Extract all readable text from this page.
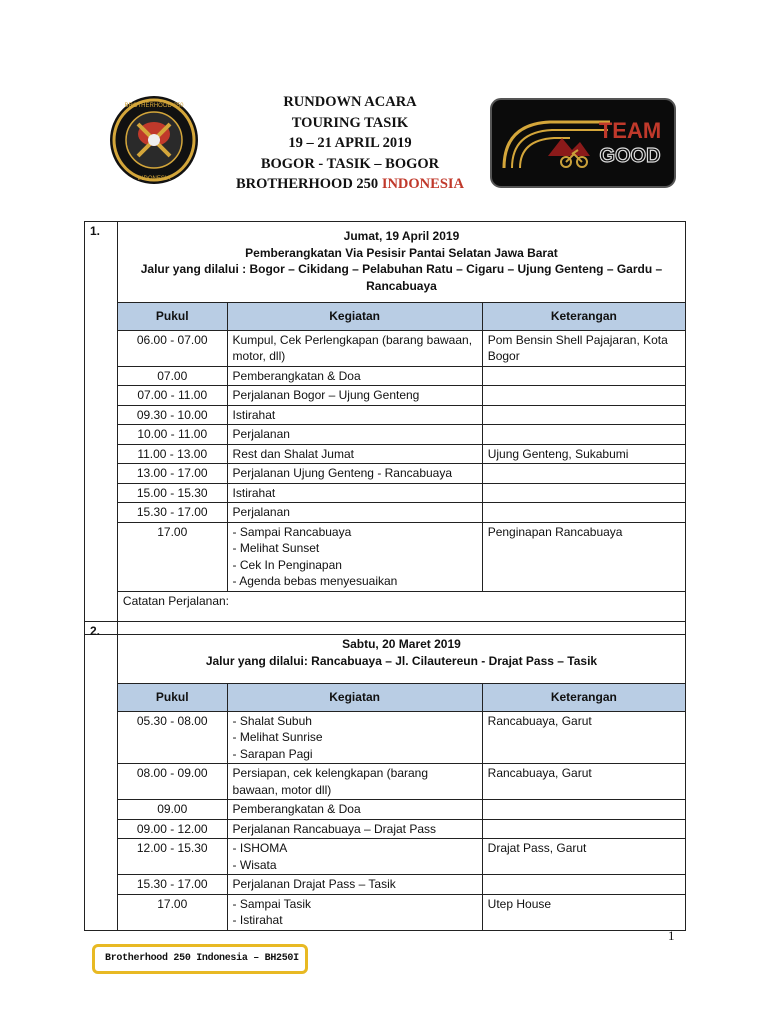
BROTHERHOOD 250
INDONESIA
RUNDOWN ACARA
TOURING TASIK
19 – 21 APRIL 2019
BOGOR - TASIK – BOGOR
BROTHERHOOD 250 INDONESIA
TEAM
GOOD
1.	Jumat, 19 April 2019
Pemberangkatan Via Pesisir Pantai Selatan Jawa Barat
Jalur yang dilalui : Bogor – Cikidang – Pelabuhan Ratu – Cigaru – Ujung Genteng – Gardu – Rancabuaya		

	Pukul	Kegiatan	Keterangan
	06.00 - 07.00	Kumpul, Cek Perlengkapan (barang bawaan, motor, dll)	Pom Bensin Shell Pajajaran, Kota Bogor
	07.00	Pemberangkatan & Doa	
	07.00 - 11.00	Perjalanan Bogor – Ujung Genteng	
	09.30 - 10.00	Istirahat	
	10.00 - 11.00	Perjalanan	
	11.00 - 13.00	Rest dan Shalat Jumat	Ujung Genteng, Sukabumi
	13.00 - 17.00	Perjalanan Ujung Genteng - Rancabuaya	
	15.00 - 15.30	Istirahat	
	15.30 - 17.00	Perjalanan	
	17.00	- Sampai Rancabuaya
- Melihat Sunset
- Cek In Penginapan
- Agenda bebas menyesuaikan	Penginapan Rancabuaya
	Catatan Perjalanan:		
2.	Sabtu, 20 Maret 2019
Jalur yang dilalui: Rancabuaya – Jl. Cilautereun - Drajat Pass – Tasik		

	Pukul	Kegiatan	Keterangan
	05.30 - 08.00	- Shalat Subuh
- Melihat Sunrise
- Sarapan Pagi	Rancabuaya, Garut
	08.00 - 09.00	Persiapan, cek kelengkapan (barang bawaan, motor dll)	Rancabuaya, Garut
	09.00	Pemberangkatan & Doa	
	09.00 - 12.00	Perjalanan Rancabuaya – Drajat Pass	
	12.00 - 15.30	- ISHOMA
- Wisata	Drajat Pass, Garut
	15.30 - 17.00	Perjalanan Drajat Pass – Tasik	
	17.00	- Sampai Tasik
- Istirahat	Utep House
1
Brotherhood 250 Indonesia – BH250I
